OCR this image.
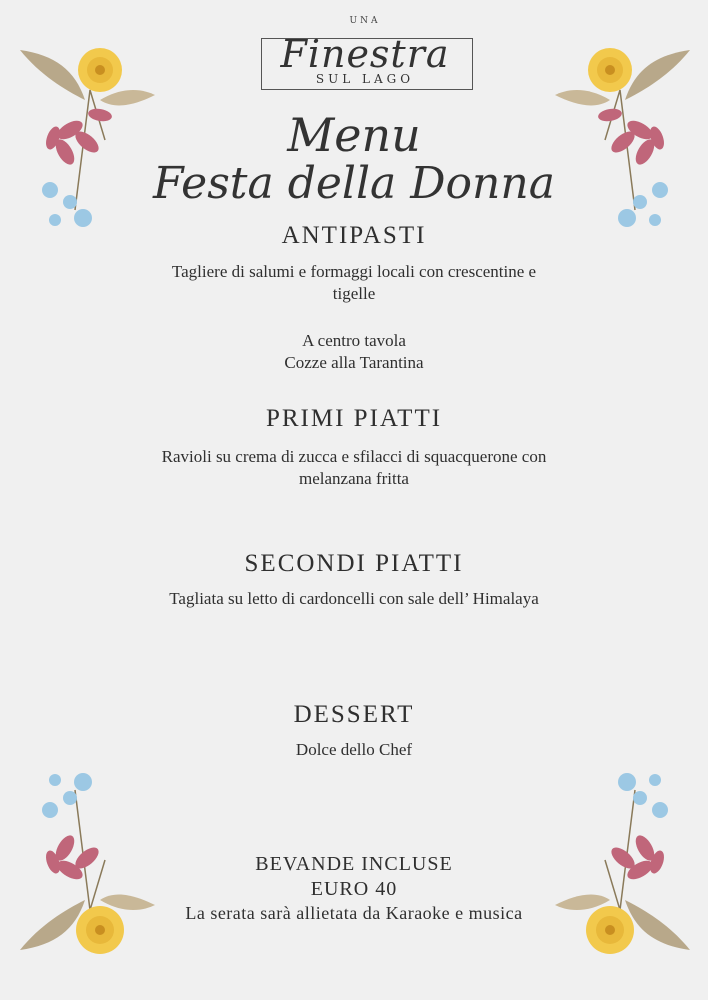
UNA
Finestra
SUL LAGO
Menu
Festa della Donna
ANTIPASTI
Tagliere di salumi e formaggi locali con crescentine e
tigelle
A centro tavola
Cozze alla Tarantina
PRIMI PIATTI
Ravioli su crema di zucca e sfilacci di squacquerone con
melanzana fritta
SECONDI PIATTI
Tagliata su letto di cardoncelli con sale dell’ Himalaya
DESSERT
Dolce dello Chef
BEVANDE INCLUSE
EURO 40
La serata sarà allietata da Karaoke e musica
